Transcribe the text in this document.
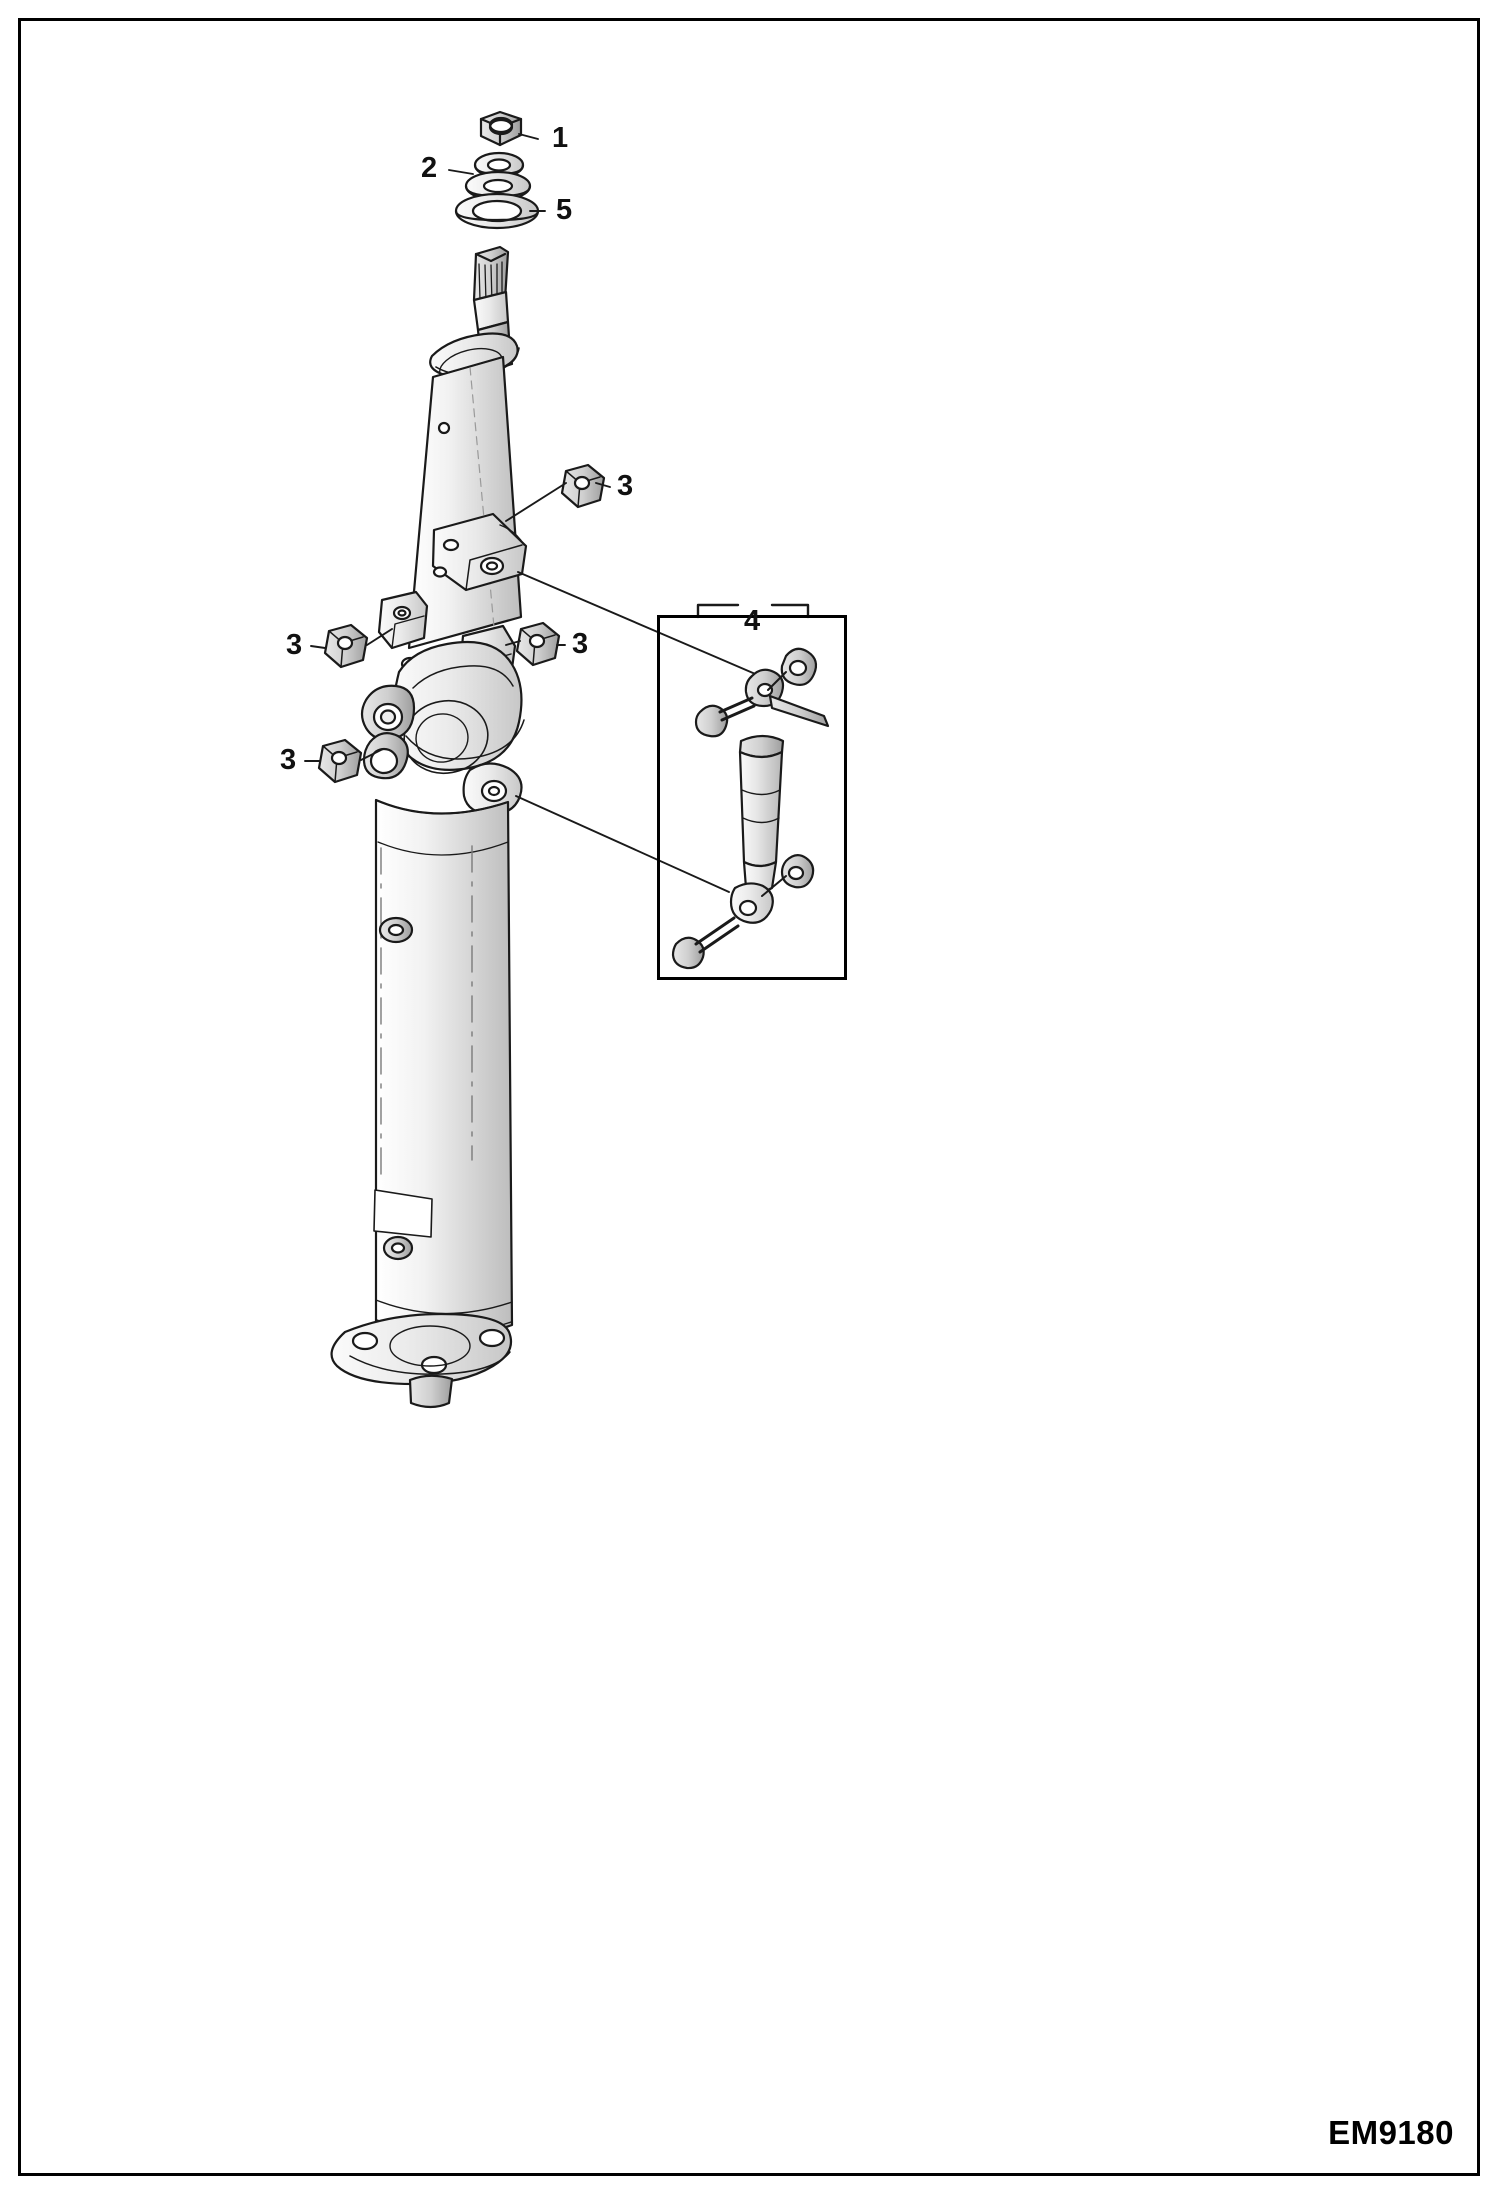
1
2
5
3
3	3
3
4
EM9180
